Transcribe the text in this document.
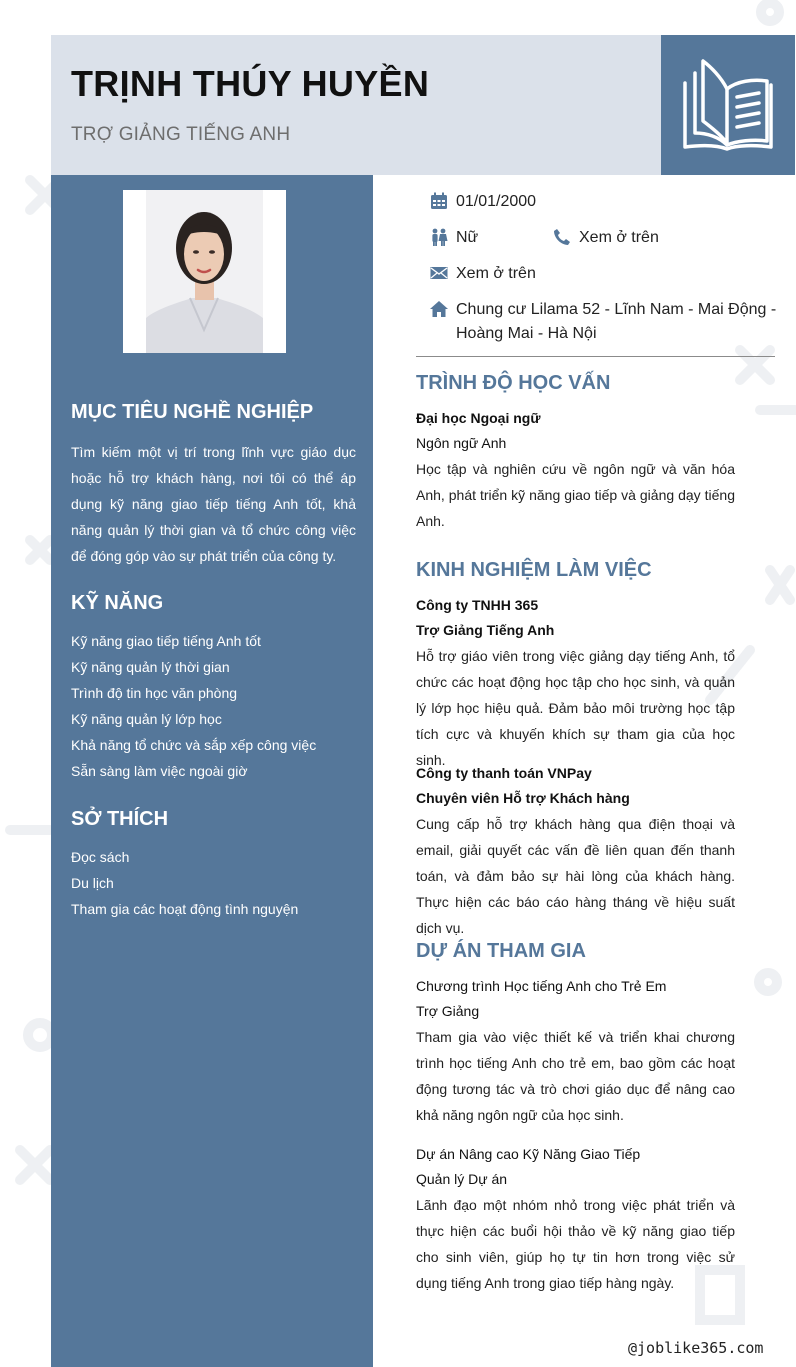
TRỊNH THÚY HUYỀN
TRỢ GIẢNG TIẾNG ANH
MỤC TIÊU NGHỀ NGHIỆP

Tìm kiếm một vị trí trong lĩnh vực giáo dục hoặc hỗ trợ khách hàng, nơi tôi có thể áp dụng kỹ năng giao tiếp tiếng Anh tốt, khả năng quản lý thời gian và tổ chức công việc để đóng góp vào sự phát triển của công ty.

KỸ NĂNG
Kỹ năng giao tiếp tiếng Anh tốt
Kỹ năng quản lý thời gian
Trình độ tin học văn phòng
Kỹ năng quản lý lớp học
Khả năng tổ chức và sắp xếp công việc
Sẵn sàng làm việc ngoài giờ
SỞ THÍCH
Đọc sách
Du lịch
Tham gia các hoạt động tình nguyện
01/01/2000
Nữ	Xem ở trên
Xem ở trên
Chung cư Lilama 52 - Lĩnh Nam - Mai Động -
Hoàng Mai - Hà Nội
TRÌNH ĐỘ HỌC VẤN
Đại học Ngoại ngữ
Ngôn ngữ Anh

Học tập và nghiên cứu về ngôn ngữ và văn hóa Anh, phát triển kỹ năng giao tiếp và giảng dạy tiếng Anh.

KINH NGHIỆM LÀM VIỆC
Công ty TNHH 365
Trợ Giảng Tiếng Anh

Hỗ trợ giáo viên trong việc giảng dạy tiếng Anh, tổ chức các hoạt động học tập cho học sinh, và quản lý lớp học hiệu quả. Đảm bảo môi trường học tập tích cực và khuyến khích sự tham gia của học sinh.

Công ty thanh toán VNPay
Chuyên viên Hỗ trợ Khách hàng

Cung cấp hỗ trợ khách hàng qua điện thoại và email, giải quyết các vấn đề liên quan đến thanh toán, và đảm bảo sự hài lòng của khách hàng. Thực hiện các báo cáo hàng tháng về hiệu suất dịch vụ.

DỰ ÁN THAM GIA
Chương trình Học tiếng Anh cho Trẻ Em
Trợ Giảng

Tham gia vào việc thiết kế và triển khai chương trình học tiếng Anh cho trẻ em, bao gồm các hoạt động tương tác và trò chơi giáo dục để nâng cao khả năng ngôn ngữ của học sinh.

Dự án Nâng cao Kỹ Năng Giao Tiếp
Quản lý Dự án

Lãnh đạo một nhóm nhỏ trong việc phát triển và thực hiện các buổi hội thảo về kỹ năng giao tiếp cho sinh viên, giúp họ tự tin hơn trong việc sử dụng tiếng Anh trong giao tiếp hàng ngày.

@joblike365.com
